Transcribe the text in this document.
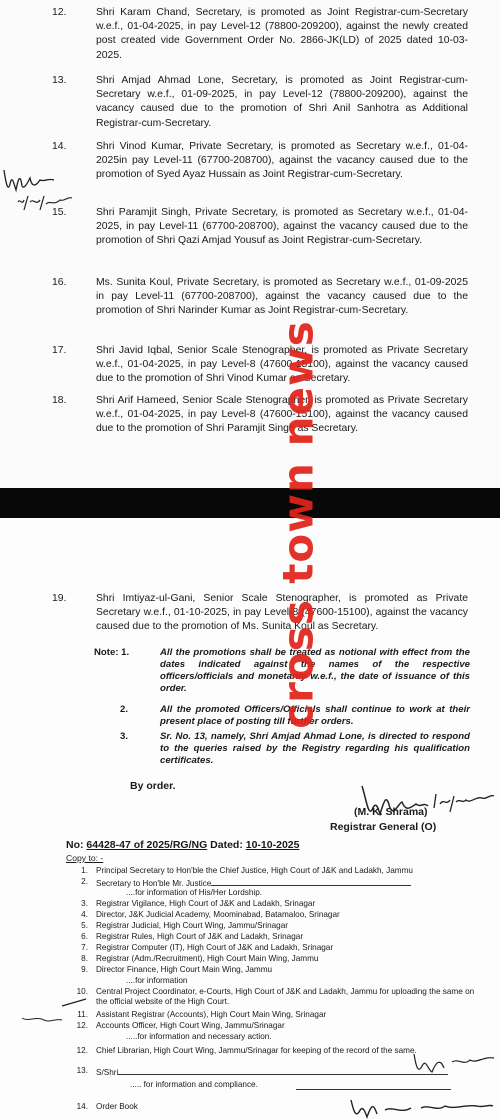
12.	Shri Karam Chand, Secretary, is promoted as Joint Registrar-cum-Secretary w.e.f., 01-04-2025, in pay Level-12 (78800-209200), against the newly created post created vide Government Order No. 2866-JK(LD) of 2025 dated 10-03-2025.
13.	Shri Amjad Ahmad Lone, Secretary, is promoted as Joint Registrar-cum-Secretary w.e.f., 01-09-2025, in pay Level-12 (78800-209200), against the vacancy caused due to the promotion of Shri Anil Sanhotra as Additional Registrar-cum-Secretary.
14.	Shri Vinod Kumar, Private Secretary, is promoted as Secretary w.e.f., 01-04-2025in pay Level-11 (67700-208700), against the vacancy caused due to the promotion of Syed Ayaz Hussain as Joint Registrar-cum-Secretary.
15.	Shri Paramjit Singh, Private Secretary, is promoted as Secretary w.e.f., 01-04-2025, in pay Level-11 (67700-208700), against the vacancy caused due to the promotion of Shri Qazi Amjad Yousuf as Joint Registrar-cum-Secretary.
16.	Ms. Sunita Koul, Private Secretary, is promoted as Secretary w.e.f., 01-09-2025 in pay Level-11 (67700-208700), against the vacancy caused due to the promotion of Shri Narinder Kumar as Joint Registrar-cum-Secretary.
17.	Shri Javid Iqbal, Senior Scale Stenographer, is promoted as Private Secretary w.e.f., 01-04-2025, in pay Level-8 (47600-15100), against the vacancy caused due to the promotion of Shri Vinod Kumar as Secretary.
18.	Shri Arif Hameed, Senior Scale Stenographer, is promoted as Private Secretary w.e.f., 01-04-2025, in pay Level-8 (47600-15100), against the vacancy caused due to the promotion of Shri Paramjit Singh as Secretary.
19.	Shri Imtiyaz-ul-Gani, Senior Scale Stenographer, is promoted as Private Secretary w.e.f., 01-10-2025, in pay Level-8 (47600-15100), against the vacancy caused due to the promotion of Ms. Sunita Koul as Secretary.
Note: 1.	All the promotions shall be treated as notional with effect from the dates indicated against the names of the respective officers/officials and monetarily w.e.f., the date of issuance of this order.
2.	All the promoted Officers/Officials shall continue to work at their present place of posting till further orders.
3.	Sr. No. 13, namely, Shri Amjad Ahmad Lone, is directed to respond to the queries raised by the Registry regarding his qualification certificates.
By order.
(M. K. Shrama)
Registrar General (O)
No: 64428-47 of 2025/RG/NG Dated: 10-10-2025
Copy to: -
1. Principal Secretary to Hon'ble the Chief Justice, High Court of J&K and Ladakh, Jammu
2. Secretary to Hon'ble Mr. Justice
....for information of His/Her Lordship.
3. Registrar Vigilance, High Court of J&K and Ladakh, Srinagar
4. Director, J&K Judicial Academy, Moominabad, Batamaloo, Srinagar
5. Registrar Judicial, High Court Wing, Jammu/Srinagar
6. Registrar Rules, High Court of J&K and Ladakh, Srinagar
7. Registrar Computer (IT), High Court of J&K and Ladakh, Srinagar
8. Registrar (Adm./Recruitment), High Court Main Wing, Jammu
9. Director Finance, High Court Main Wing, Jammu
....for information
10. Central Project Coordinator, e-Courts, High Court of J&K and Ladakh, Jammu for uploading the same on the official website of the High Court.
11. Assistant Registrar (Accounts), High Court Main Wing, Srinagar
12. Accounts Officer, High Court Wing, Jammu/Srinagar
.....for information and necessary action.
12. Chief Librarian, High Court Wing, Jammu/Srinagar for keeping of the record of the same.
13. S/Shri
..... for information and compliance.
14. Order Book
cross town news
